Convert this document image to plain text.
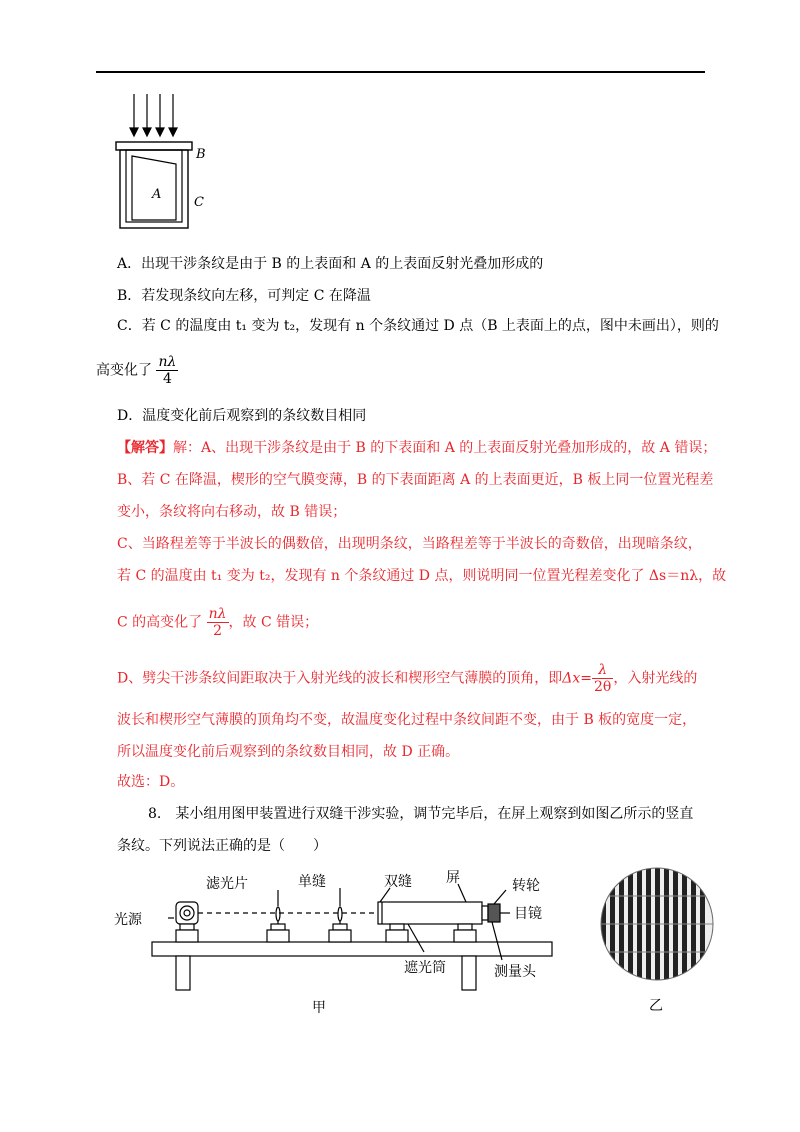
B
A
C
A．出现干涉条纹是由于 B 的上表面和 A 的上表面反射光叠加形成的
B．若发现条纹向左移，可判定 C 在降温
C．若 C 的温度由 t₁ 变为 t₂，发现有 n 个条纹通过 D 点（B 上表面上的点，图中未画出），则的
高变化了 $\frac{n\lambda}{4}$
D．温度变化前后观察到的条纹数目相同
【解答】解：A、出现干涉条纹是由于 B 的下表面和 A 的上表面反射光叠加形成的，故 A 错误；
B、若 C 在降温，楔形的空气膜变薄，B 的下表面距离 A 的上表面更近，B 板上同一位置光程差
变小，条纹将向右移动，故 B 错误；
C、当路程差等于半波长的偶数倍，出现明条纹，当路程差等于半波长的奇数倍，出现暗条纹，
若 C 的温度由 t₁ 变为 t₂，发现有 n 个条纹通过 D 点，则说明同一位置光程差变化了 Δs＝nλ，故
C 的高变化了 $\frac{n\lambda}{2}$ ，故 C 错误；
D、劈尖干涉条纹间距取决于入射光线的波长和楔形空气薄膜的顶角，即$\Delta x= \frac{\lambda}{2\theta}$ ，入射光线的
波长和楔形空气薄膜的顶角均不变，故温度变化过程中条纹间距不变，由于 B 板的宽度一定，
所以温度变化前后观察到的条纹数目相同，故 D 正确。
故选：D。
8.　某小组用图甲装置进行双缝干涉实验，调节完毕后，在屏上观察到如图乙所示的竖直
条纹。下列说法正确的是（　　）
光源
滤光片	单缝	双缝 屏	转轮
目镜
遮光筒	测量头
甲	乙
